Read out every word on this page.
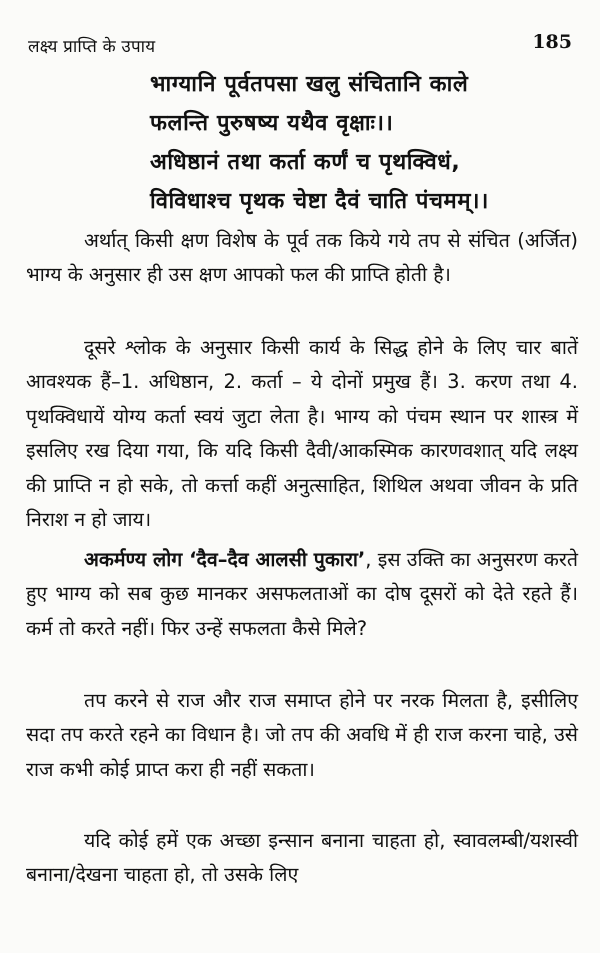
लक्ष्य प्राप्ति के उपाय	185
भाग्यानि पूर्वतपसा खलु संचितानि काले
फलन्ति पुरुषष्य यथैव वृक्षाः।।
अधिष्ठानं तथा कर्ता कर्णं च पृथक्विधं,
विविधाश्च पृथक चेष्टा दैवं चाति पंचमम्।।

अर्थात् किसी क्षण विशेष के पूर्व तक किये गये तप से संचित (अर्जित) भाग्य के अनुसार ही उस क्षण आपको फल की प्राप्ति होती है।

दूसरे श्लोक के अनुसार किसी कार्य के सिद्ध होने के लिए चार बातें आवश्यक हैं–1. अधिष्ठान, 2. कर्ता – ये दोनों प्रमुख हैं। 3. करण तथा 4. पृथक्विधायें योग्य कर्ता स्वयं जुटा लेता है। भाग्य को पंचम स्थान पर शास्त्र में इसलिए रख दिया गया, कि यदि किसी दैवी/आकस्मिक कारणवशात् यदि लक्ष्य की प्राप्ति न हो सके, तो कर्त्ता कहीं अनुत्साहित, शिथिल अथवा जीवन के प्रति निराश न हो जाय।

अकर्मण्य लोग ‘दैव–दैव आलसी पुकारा’, इस उक्ति का अनुसरण करते हुए भाग्य को सब कुछ मानकर असफलताओं का दोष दूसरों को देते रहते हैं। कर्म तो करते नहीं। फिर उन्हें सफलता कैसे मिले?

तप करने से राज और राज समाप्त होने पर नरक मिलता है, इसीलिए सदा तप करते रहने का विधान है। जो तप की अवधि में ही राज करना चाहे, उसे राज कभी कोई प्राप्त करा ही नहीं सकता।

यदि कोई हमें एक अच्छा इन्सान बनाना चाहता हो, स्वावलम्बी/यशस्वी बनाना/देखना चाहता हो, तो उसके लिए
